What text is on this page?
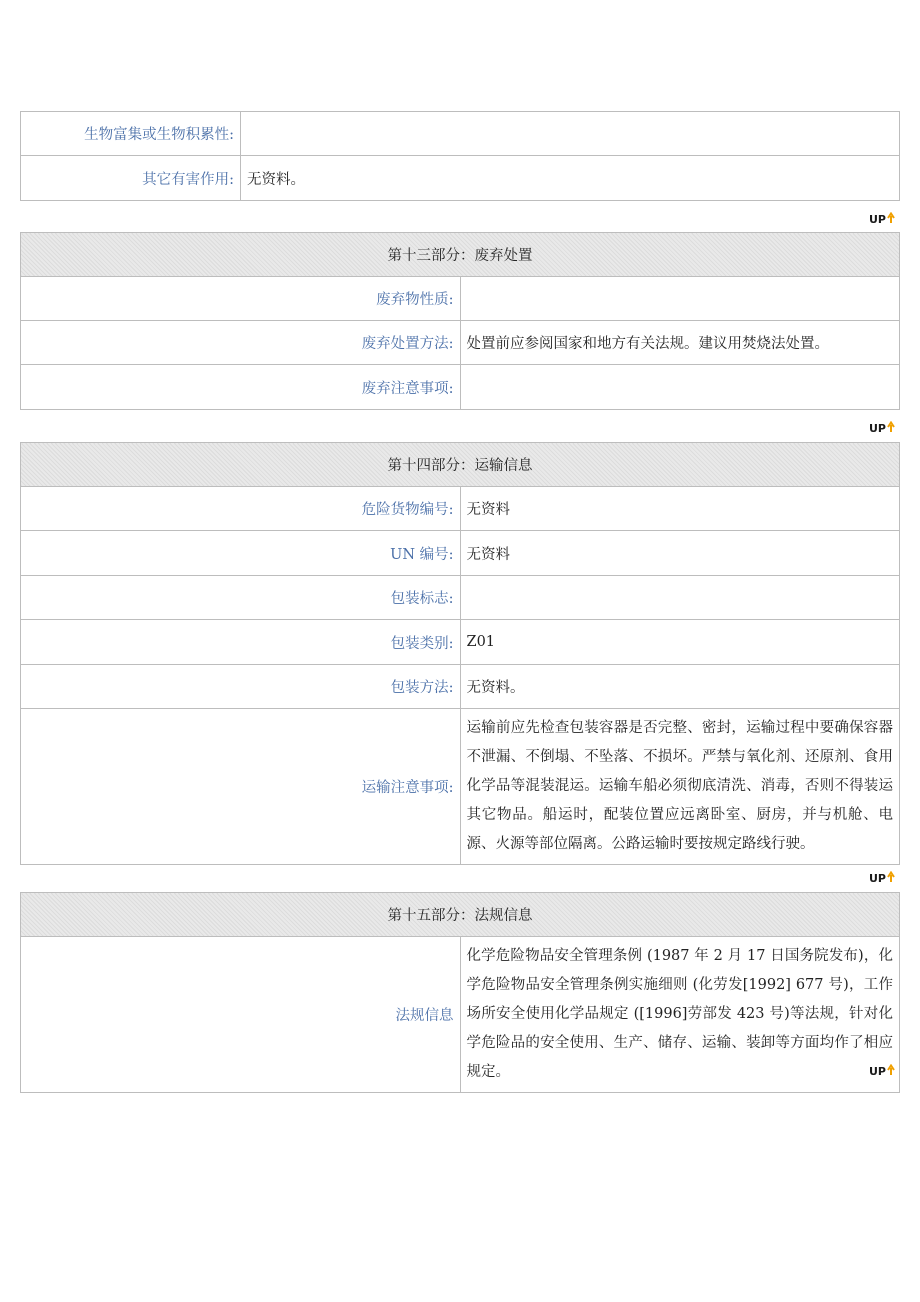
生物富集或生物积累性:	
其它有害作用:	无资料。
UP
第十三部分：废弃处置	
废弃物性质:	
废弃处置方法:	处置前应参阅国家和地方有关法规。建议用焚烧法处置。
废弃注意事项:	
UP
第十四部分：运输信息	
危险货物编号:	无资料
UN 编号:	无资料
包装标志:	
包装类别:	Z01
包装方法:	无资料。
运输注意事项:	运输前应先检查包装容器是否完整、密封，运输过程中要确保容器不泄漏、不倒塌、不坠落、不损坏。严禁与氧化剂、还原剂、食用化学品等混装混运。运输车船必须彻底清洗、消毒，否则不得装运其它物品。船运时，配装位置应远离卧室、厨房，并与机舱、电源、火源等部位隔离。公路运输时要按规定路线行驶。
UP
第十五部分：法规信息
法规信息	化学危险物品安全管理条例 (1987 年 2 月 17 日国务院发布)，化学危险物品安全管理条例实施细则 (化劳发[1992] 677 号)，工作场所安全使用化学品规定 ([1996]劳部发 423 号)等法规，针对化学危险品的安全使用、生产、储存、运输、装卸等方面均作了相应规定。	UP
